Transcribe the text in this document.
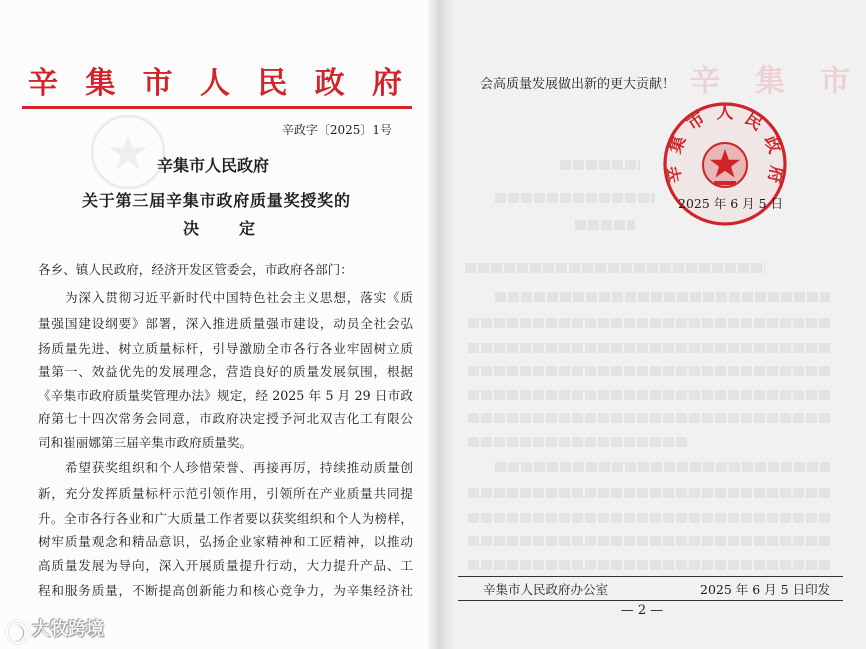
辛集市人民政府
辛政字〔2025〕1号
辛集市人民政府
关于第三届辛集市政府质量奖授奖的
决　　定
各乡、镇人民政府，经济开发区管委会，市政府各部门：
为深入贯彻习近平新时代中国特色社会主义思想，落实《质
量强国建设纲要》部署，深入推进质量强市建设，动员全社会弘
扬质量先进、树立质量标杆，引导激励全市各行各业牢固树立质
量第一、效益优先的发展理念，营造良好的质量发展氛围，根据
《辛集市政府质量奖管理办法》规定，经 2025 年 5 月 29 日市政
府第七十四次常务会同意，市政府决定授予河北双吉化工有限公
司和崔丽娜第三届辛集市政府质量奖。
希望获奖组织和个人珍惜荣誉、再接再厉，持续推动质量创
新，充分发挥质量标杆示范引领作用，引领所在产业质量共同提
升。全市各行各业和广大质量工作者要以获奖组织和个人为榜样，
树牢质量观念和精品意识，弘扬企业家精神和工匠精神，以推动
高质量发展为导向，深入开展质量提升行动，大力提升产品、工
程和服务质量，不断提高创新能力和核心竞争力，为辛集经济社
辛　集　市
会高质量发展做出新的更大贡献！
辛集市人民政府
辛集市人民政府办公室	2025 年 6 月 5 日印发
— 2 —
大牧跨境
